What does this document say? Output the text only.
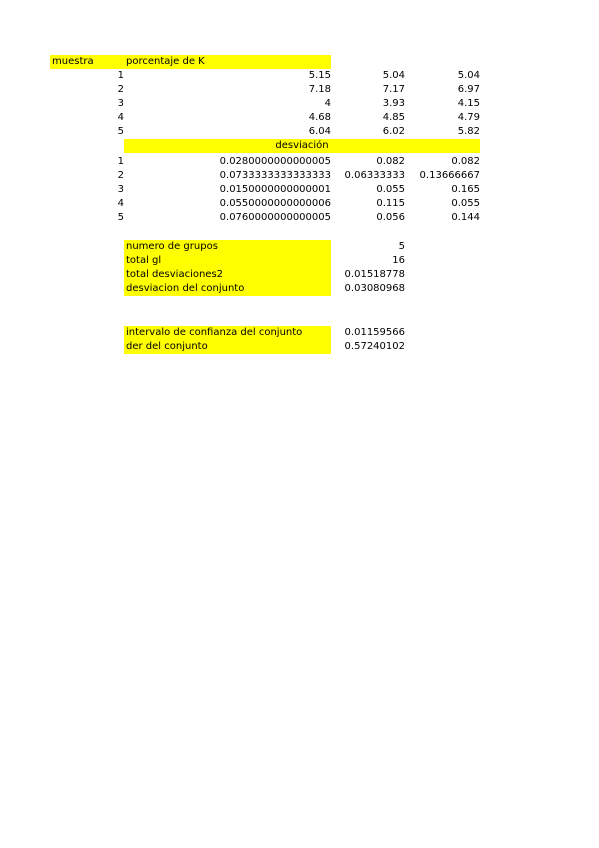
muestra	porcentaje de K
1	5.15	5.04	5.04
2	7.18	7.17	6.97
3	4	3.93	4.15
4	4.68	4.85	4.79
5	6.04	6.02	5.82
desviación
1	0.0280000000000005	0.082	0.082
2	0.0733333333333333	0.06333333	0.13666667
3	0.0150000000000001	0.055	0.165
4	0.0550000000000006	0.115	0.055
5	0.0760000000000005	0.056	0.144
numero de grupos	5
total gl	16
total desviaciones2	0.01518778
desviacion del conjunto	0.03080968
intervalo de confianza del conjunto	0.01159566
der del conjunto	0.57240102
